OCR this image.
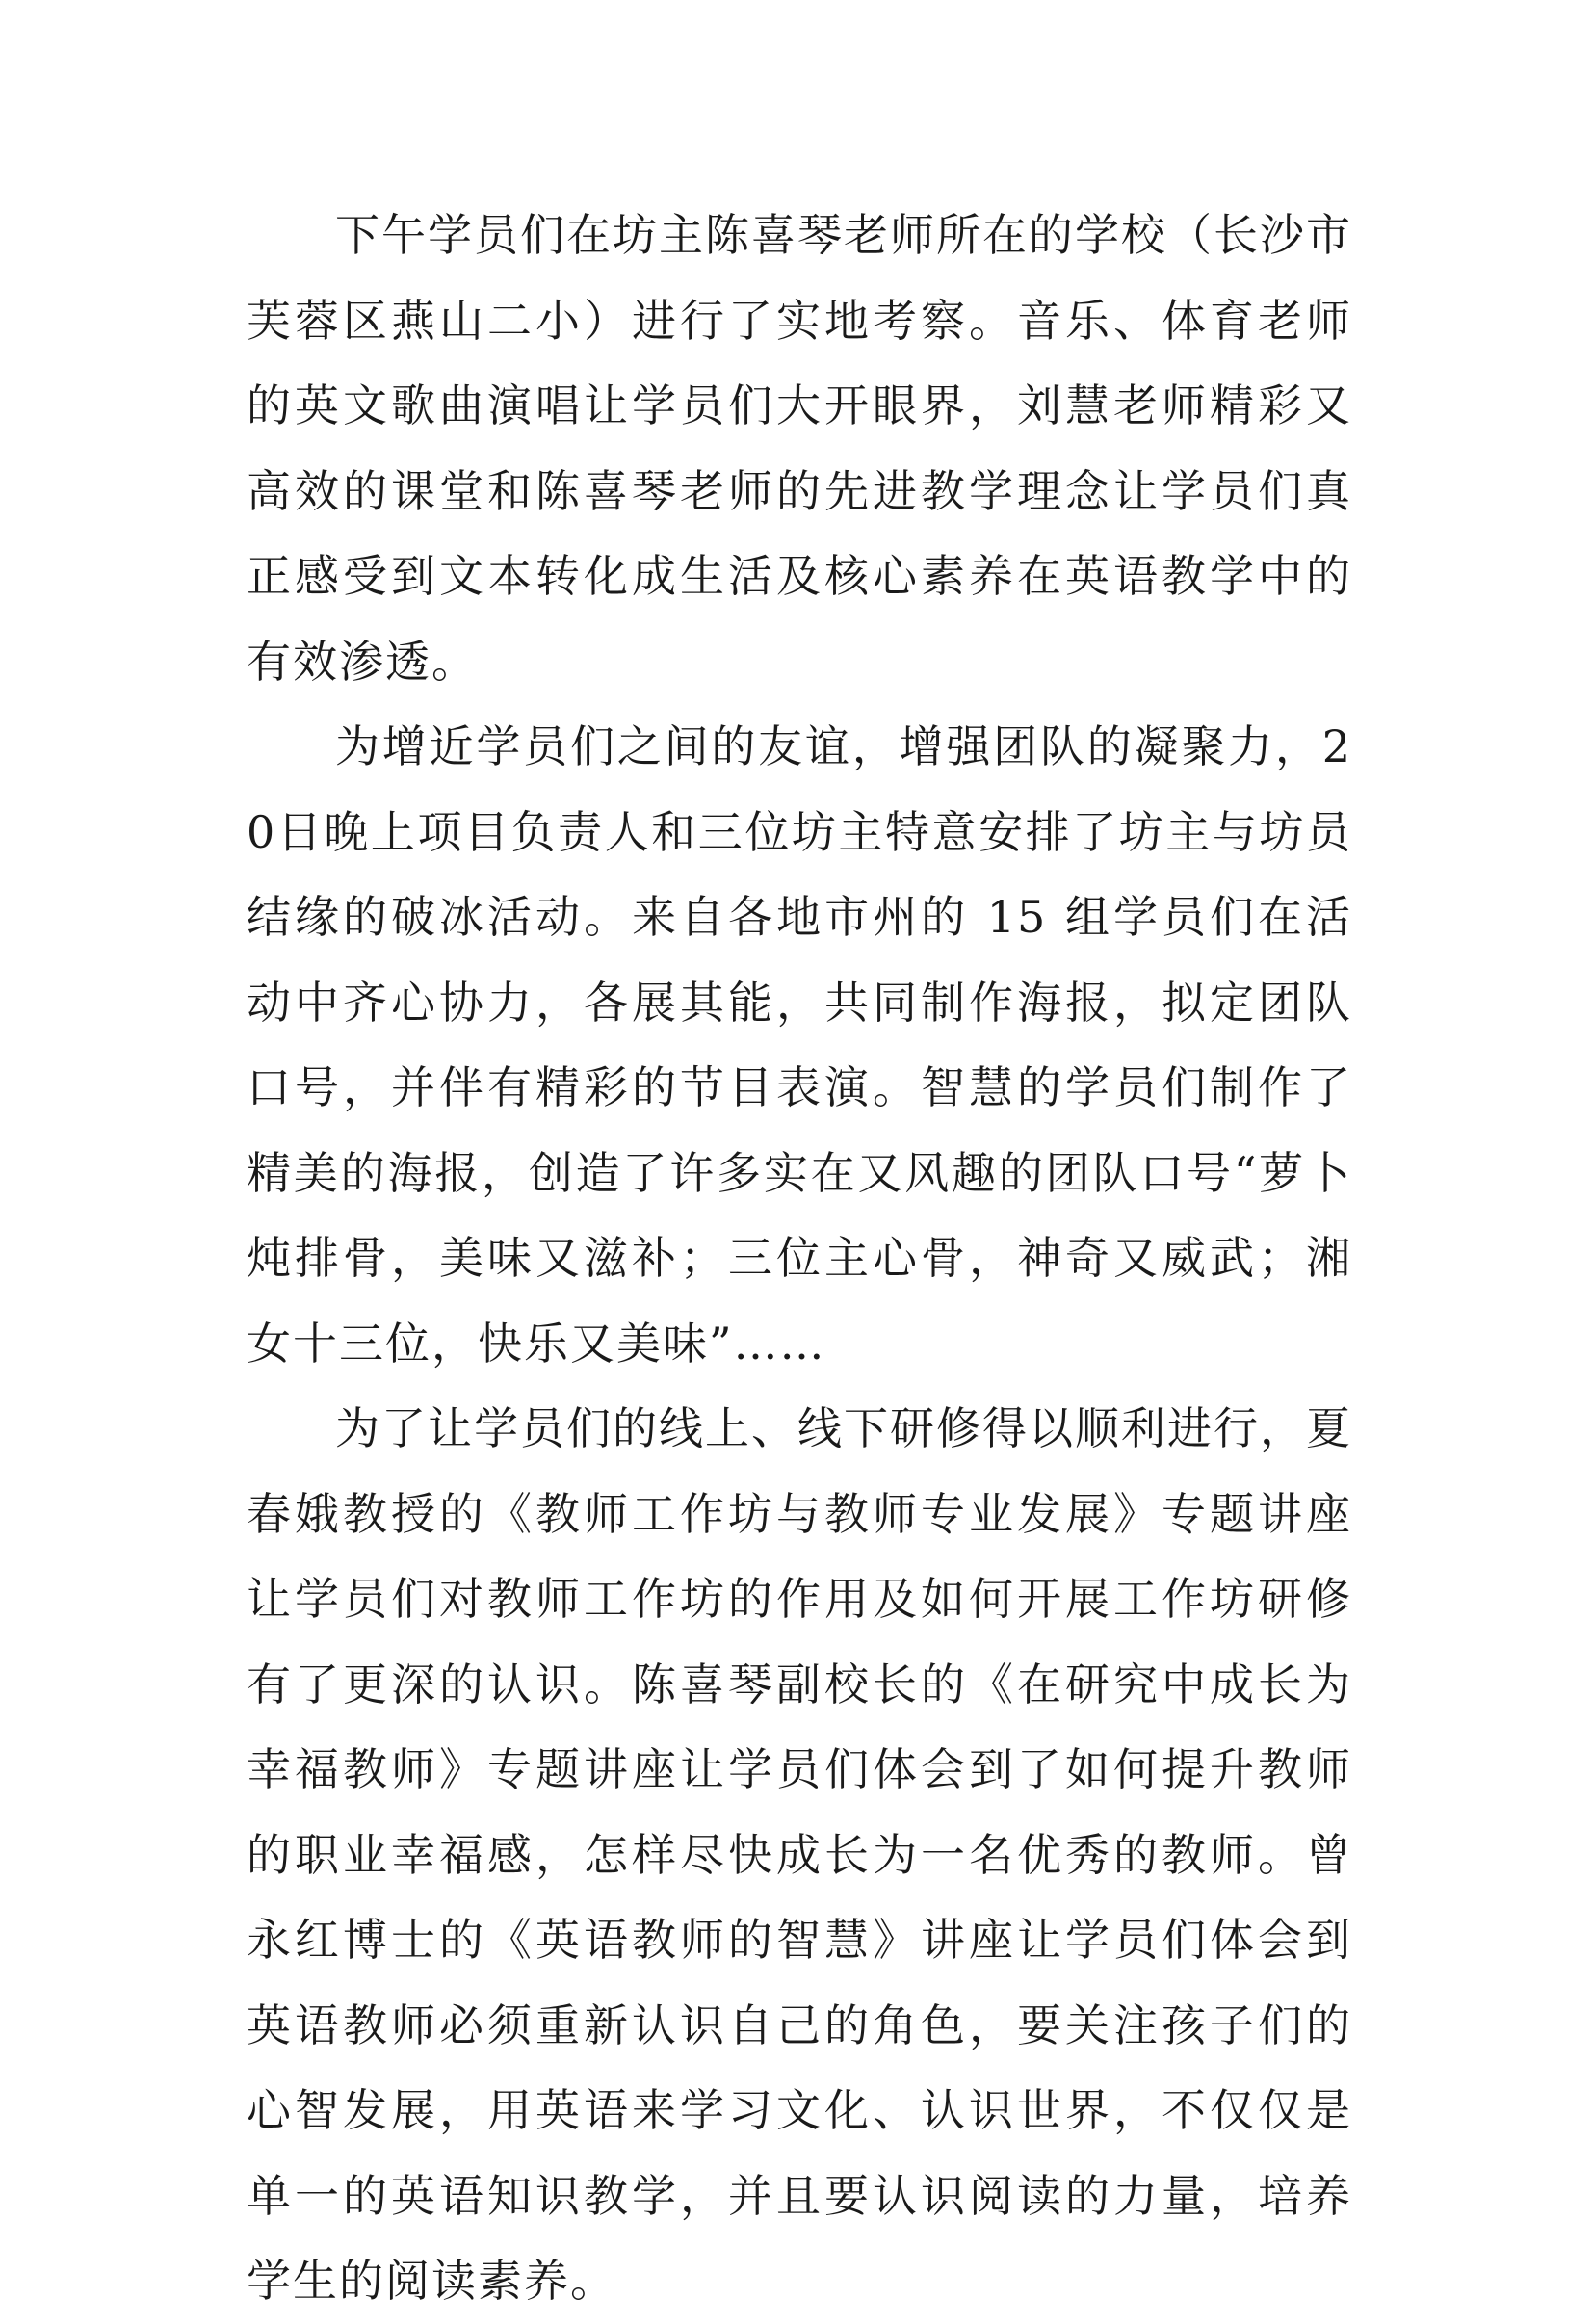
下午学员们在坊主陈喜琴老师所在的学校（长沙市芙蓉区燕山二小）进行了实地考察。音乐、体育老师的英文歌曲演唱让学员们大开眼界，刘慧老师精彩又高效的课堂和陈喜琴老师的先进教学理念让学员们真正感受到文本转化成生活及核心素养在英语教学中的有效渗透。

为增近学员们之间的友谊，增强团队的凝聚力，20日晚上项目负责人和三位坊主特意安排了坊主与坊员结缘的破冰活动。来自各地市州的 15 组学员们在活动中齐心协力，各展其能，共同制作海报，拟定团队口号，并伴有精彩的节目表演。智慧的学员们制作了精美的海报，创造了许多实在又风趣的团队口号“萝卜炖排骨，美味又滋补；三位主心骨，神奇又威武；湘女十三位，快乐又美味”……

为了让学员们的线上、线下研修得以顺利进行，夏春娥教授的《教师工作坊与教师专业发展》专题讲座让学员们对教师工作坊的作用及如何开展工作坊研修有了更深的认识。陈喜琴副校长的《在研究中成长为幸福教师》专题讲座让学员们体会到了如何提升教师的职业幸福感，怎样尽快成长为一名优秀的教师。曾永红博士的《英语教师的智慧》讲座让学员们体会到英语教师必须重新认识自己的角色，要关注孩子们的心智发展，用英语来学习文化、认识世界，不仅仅是单一的英语知识教学，并且要认识阅读的力量，培养学生的阅读素养。
